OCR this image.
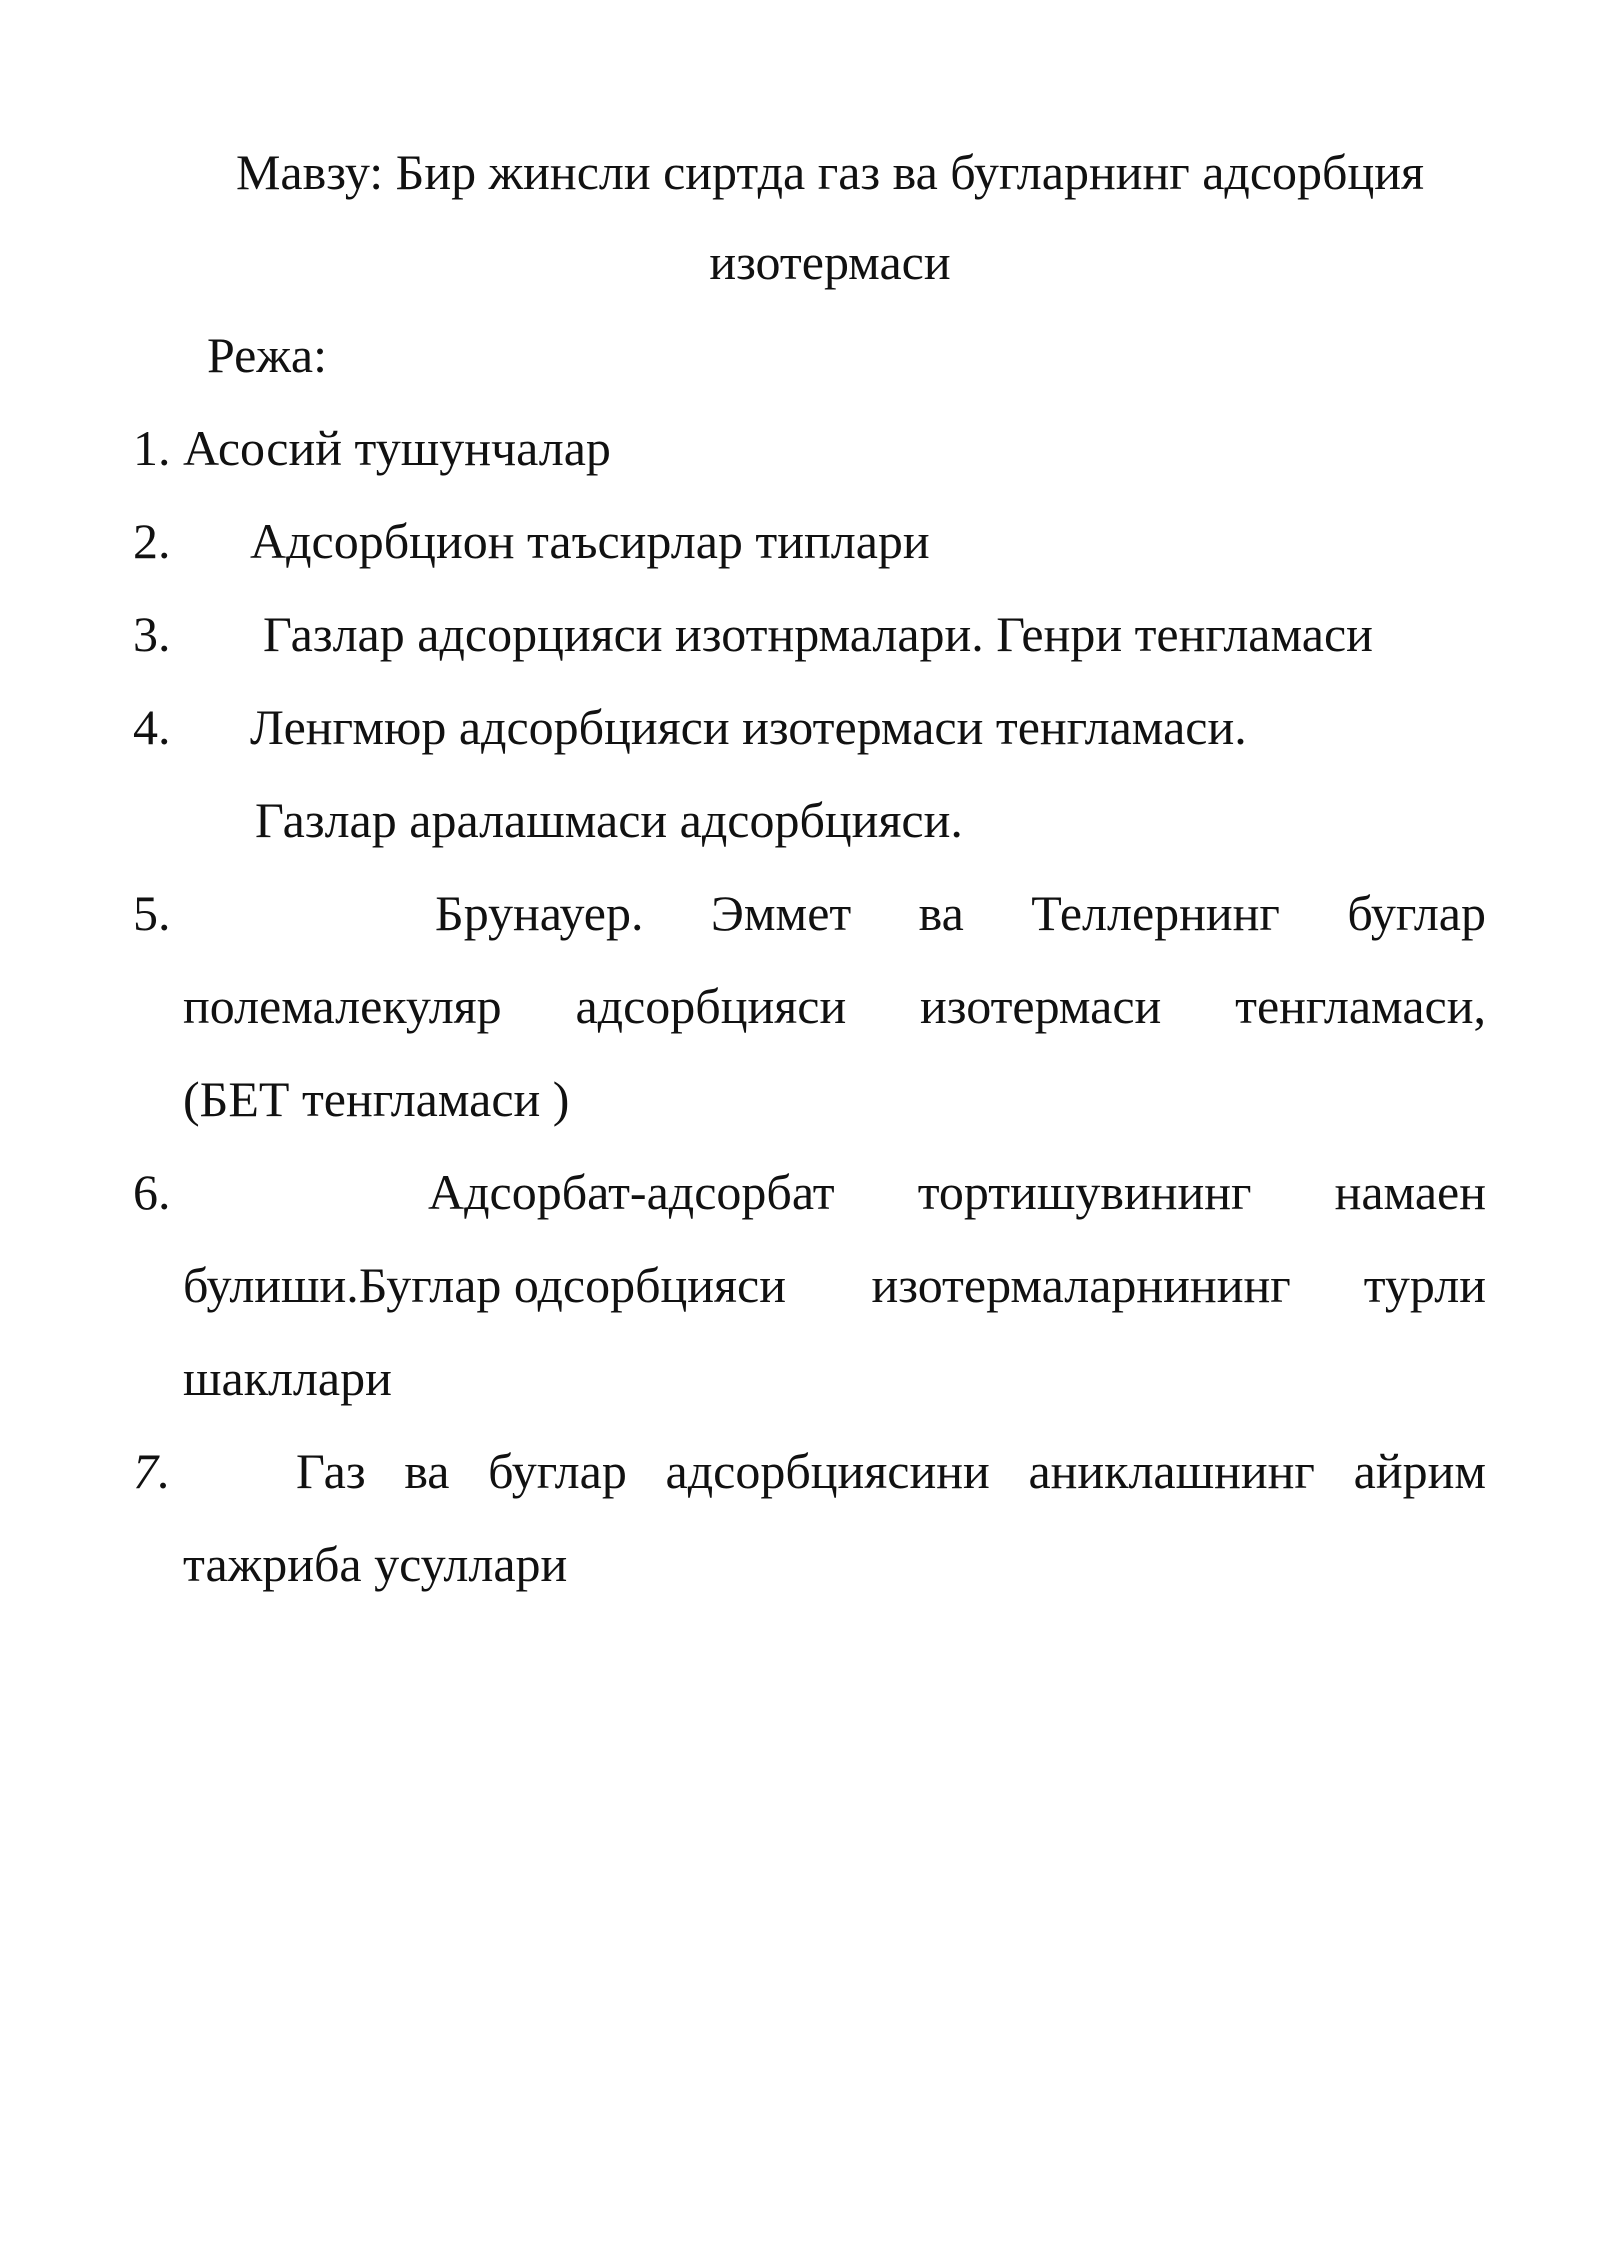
Мавзу: Бир жинсли сиртда газ ва бугларнинг адсорбция
изотермаси
Режа:
1. Асосий тушунчалар
2. Адсорбцион таъсирлар типлари
3. Газлар адсорцияси изотнрмалари. Генри тенгламаси
4. Ленгмюр адсорбцияси изотермаси тенгламаси.
Газлар аралашмаси адсорбцияси.
5.	Брунауер. Эммет ва Теллернинг буглар
полемалекуляр адсорбцияси изотермаси тенгламаси,
(БЕТ тенгламаси )
6.	Адсорбат-адсорбат тортишувининг намаен
булиши.Буглар одсорбцияси изотермаларнининг турли
шакллари
7.	Газ ва буглар адсорбциясини аниклашнинг айрим
тажриба усуллари
